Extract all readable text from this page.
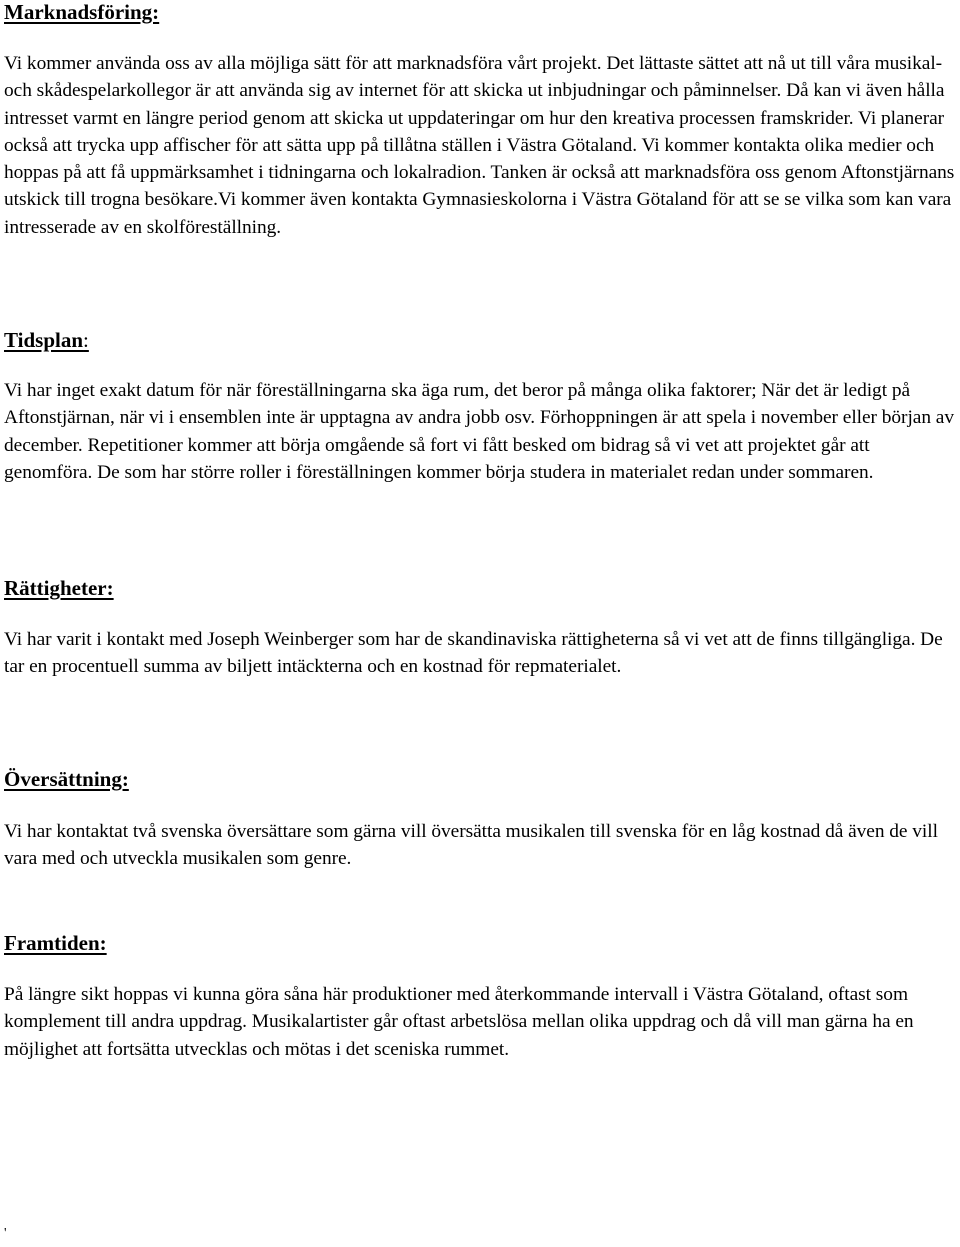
Marknadsföring:

Vi kommer använda oss av alla möjliga sätt för att marknadsföra vårt projekt. Det lättaste sättet att nå ut till våra musikal- och skådespelarkollegor är att använda sig av internet för att skicka ut inbjudningar och påminnelser. Då kan vi även hålla intresset varmt en längre period genom att skicka ut uppdateringar om hur den kreativa processen framskrider. Vi planerar också att trycka upp affischer för att sätta upp på tillåtna ställen i Västra Götaland. Vi kommer kontakta olika medier och hoppas på att få uppmärksamhet i tidningarna och lokalradion. Tanken är också att marknadsföra oss genom Aftonstjärnans utskick till trogna besökare.Vi kommer även kontakta Gymnasieskolorna i Västra Götaland för att se se vilka som kan vara intresserade av en skolföreställning.

Tidsplan:

Vi har inget exakt datum för när föreställningarna ska äga rum, det beror på många olika faktorer; När det är ledigt på Aftonstjärnan, när vi i ensemblen inte är upptagna av andra jobb osv. Förhoppningen är att spela i november eller början av december. Repetitioner kommer att börja omgående så fort vi fått besked om bidrag så vi vet att projektet går att genomföra. De som har större roller i föreställningen kommer börja studera in materialet redan under sommaren.

Rättigheter:

Vi har varit i kontakt med Joseph Weinberger som har de skandinaviska rättigheterna så vi vet att de finns tillgängliga. De tar en procentuell summa av biljett intäckterna och en kostnad för repmaterialet.

Översättning:

Vi har kontaktat två svenska översättare som gärna vill översätta musikalen till svenska för en låg kostnad då även de vill vara med och utveckla musikalen som genre.

Framtiden:

På längre sikt hoppas vi kunna göra såna här produktioner med återkommande intervall i Västra Götaland, oftast som komplement till andra uppdrag. Musikalartister går oftast arbetslösa mellan olika uppdrag och då vill man gärna ha en möjlighet att fortsätta utvecklas och mötas i det sceniska rummet.

'
